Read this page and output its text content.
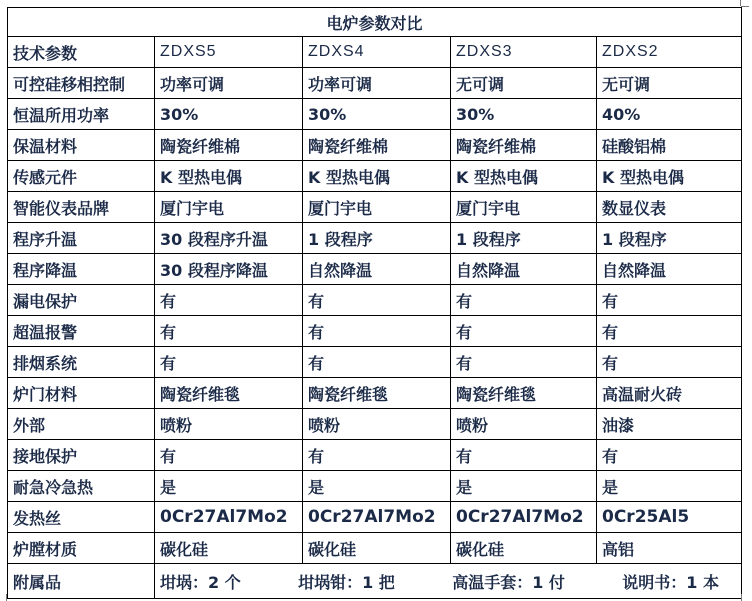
电炉参数对比				
技术参数	ZDXS5	ZDXS4	ZDXS3	ZDXS2
可控硅移相控制	功率可调	功率可调	无可调	无可调
恒温所用功率	30%	30%	30%	40%
保温材料	陶瓷纤维棉	陶瓷纤维棉	陶瓷纤维棉	硅酸铝棉
传感元件	K 型热电偶	K 型热电偶	K 型热电偶	K 型热电偶
智能仪表品牌	厦门宇电	厦门宇电	厦门宇电	数显仪表
程序升温	30 段程序升温	1 段程序	1 段程序	1 段程序
程序降温	30 段程序降温	自然降温	自然降温	自然降温
漏电保护	有	有	有	有
超温报警	有	有	有	有
排烟系统	有	有	有	有
炉门材料	陶瓷纤维毯	陶瓷纤维毯	陶瓷纤维毯	高温耐火砖
外部	喷粉	喷粉	喷粉	油漆
接地保护	有	有	有	有
耐急冷急热	是	是	是	是
发热丝	0Cr27Al7Mo2	0Cr27Al7Mo2	0Cr27Al7Mo2	0Cr25Al5
炉膛材质	碳化硅	碳化硅	碳化硅	高铝
附属品	坩埚：2 个 坩埚钳：1 把 高温手套：1 付 说明书：1 本			
